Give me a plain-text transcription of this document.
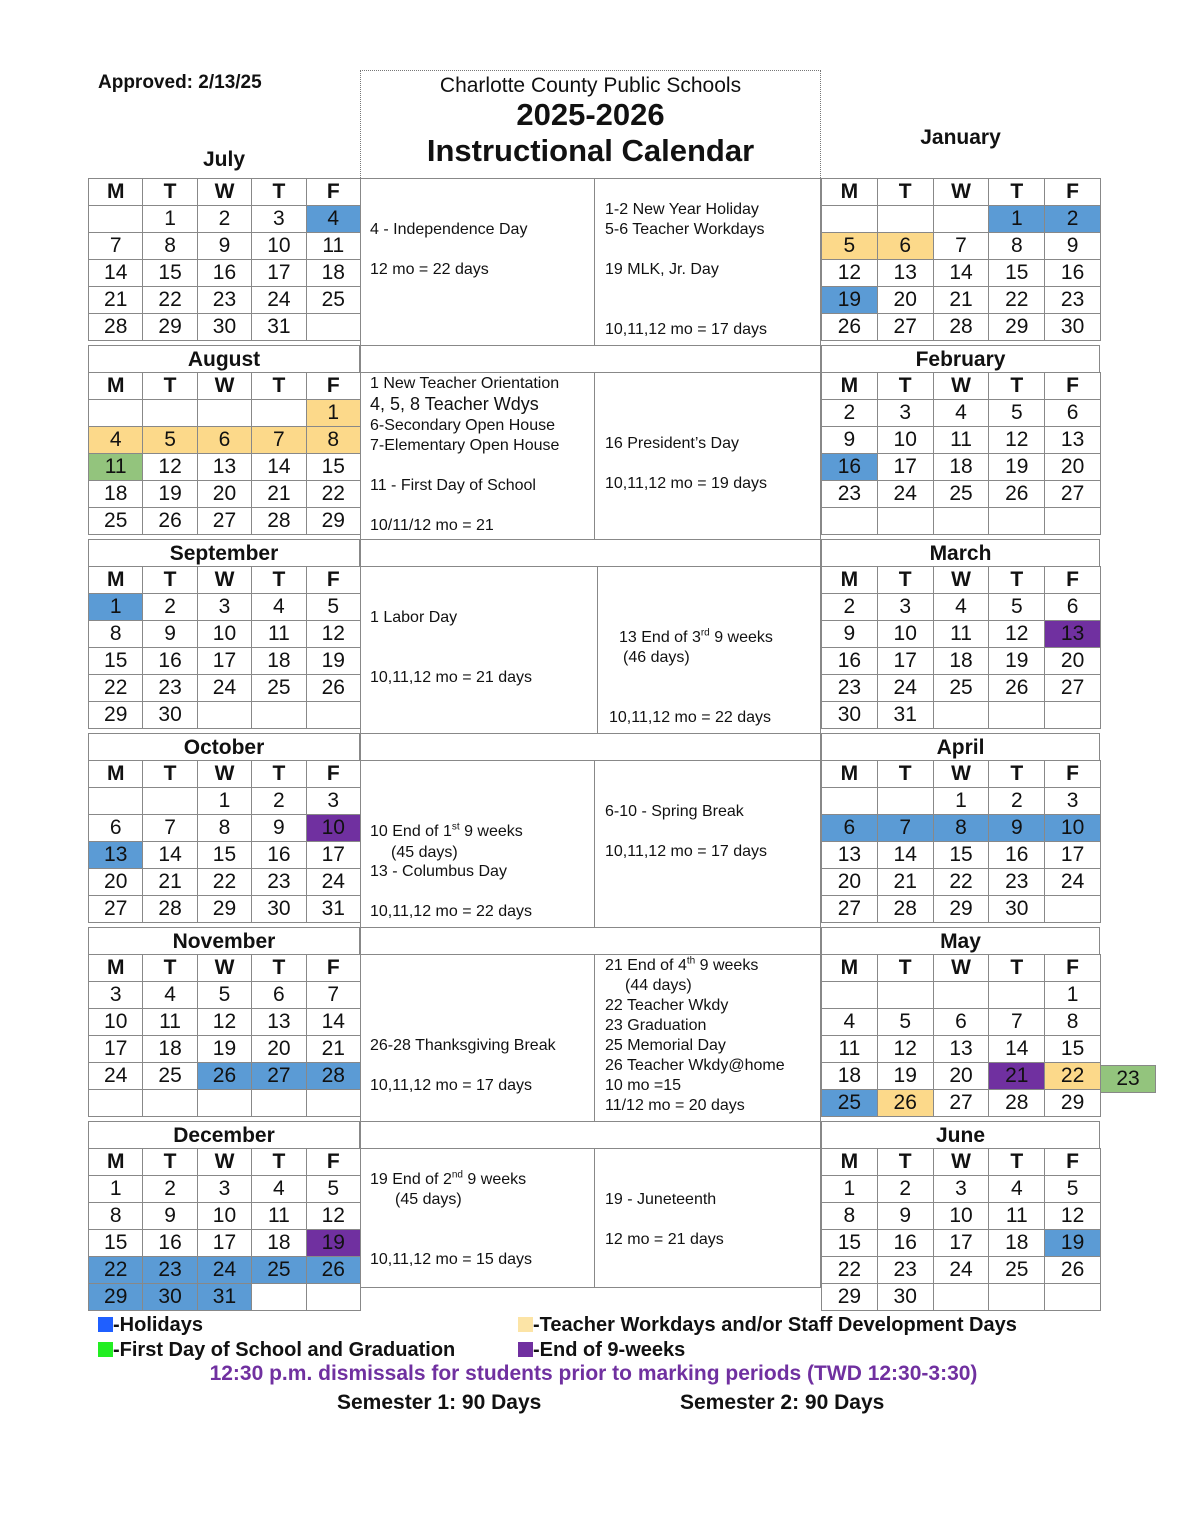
Approved: 2/13/25	Charlotte County Public Schools
2025-2026
Instructional Calendar
July
January
M	T	W	T	F
	1	2	3	4
7	8	9	10	11
14	15	16	17	18
21	22	23	24	25
28	29	30	31	
M	T	W	T	F
			1	2
5	6	7	8	9
12	13	14	15	16
19	20	21	22	23
26	27	28	29	30
August	February
M	T	W	T	F
				1
4	5	6	7	8
11	12	13	14	15
18	19	20	21	22
25	26	27	28	29
M	T	W	T	F
2	3	4	5	6
9	10	11	12	13
16	17	18	19	20
23	24	25	26	27

September	March
M	T	W	T	F
1	2	3	4	5
8	9	10	11	12
15	16	17	18	19
22	23	24	25	26
29	30			
M	T	W	T	F
2	3	4	5	6
9	10	11	12	13
16	17	18	19	20
23	24	25	26	27
30	31			
October	April
M	T	W	T	F
		1	2	3
6	7	8	9	10
13	14	15	16	17
20	21	22	23	24
27	28	29	30	31
M	T	W	T	F
		1	2	3
6	7	8	9	10
13	14	15	16	17
20	21	22	23	24
27	28	29	30	
November	May
M	T	W	T	F
3	4	5	6	7
10	11	12	13	14
17	18	19	20	21
24	25	26	27	28

M	T	W	T	F
				1
4	5	6	7	8
11	12	13	14	15
18	19	20	21	22
25	26	27	28	29
23
December	June
M	T	W	T	F
1	2	3	4	5
8	9	10	11	12
15	16	17	18	19
22	23	24	25	26
29	30	31		
M	T	W	T	F
1	2	3	4	5
8	9	10	11	12
15	16	17	18	19
22	23	24	25	26
29	30			
4 - Independence Day
12 mo = 22 days
1-2 New Year Holiday
5-6 Teacher Workdays
19 MLK, Jr. Day
10,11,12 mo = 17 days
1 New Teacher Orientation
4, 5, 8 Teacher Wdys
6-Secondary Open House
7-Elementary Open House
11 - First Day of School
10/11/12 mo = 21
16 President’s Day
10,11,12 mo = 19 days
1 Labor Day
10,11,12 mo = 21 days
13 End of 3rd 9 weeks
(46 days)
10,11,12 mo = 22 days
10 End of 1st 9 weeks
(45 days)
13 - Columbus Day
10,11,12 mo = 22 days
6-10 - Spring Break
10,11,12 mo = 17 days
26-28 Thanksgiving Break
10,11,12 mo = 17 days
21 End of 4th 9 weeks
(44 days)
22 Teacher Wkdy
23 Graduation
25 Memorial Day
26 Teacher Wkdy@home
10 mo =15
11/12 mo = 20 days
19 End of 2nd 9 weeks
(45 days)
10,11,12 mo = 15 days
19 - Juneteenth
12 mo = 21 days
-Holidays	-Teacher Workdays and/or Staff Development Days
-First Day of School and Graduation	-End of 9-weeks
12:30 p.m. dismissals for students prior to marking periods (TWD 12:30-3:30)
Semester 1: 90 Days	Semester 2: 90 Days
